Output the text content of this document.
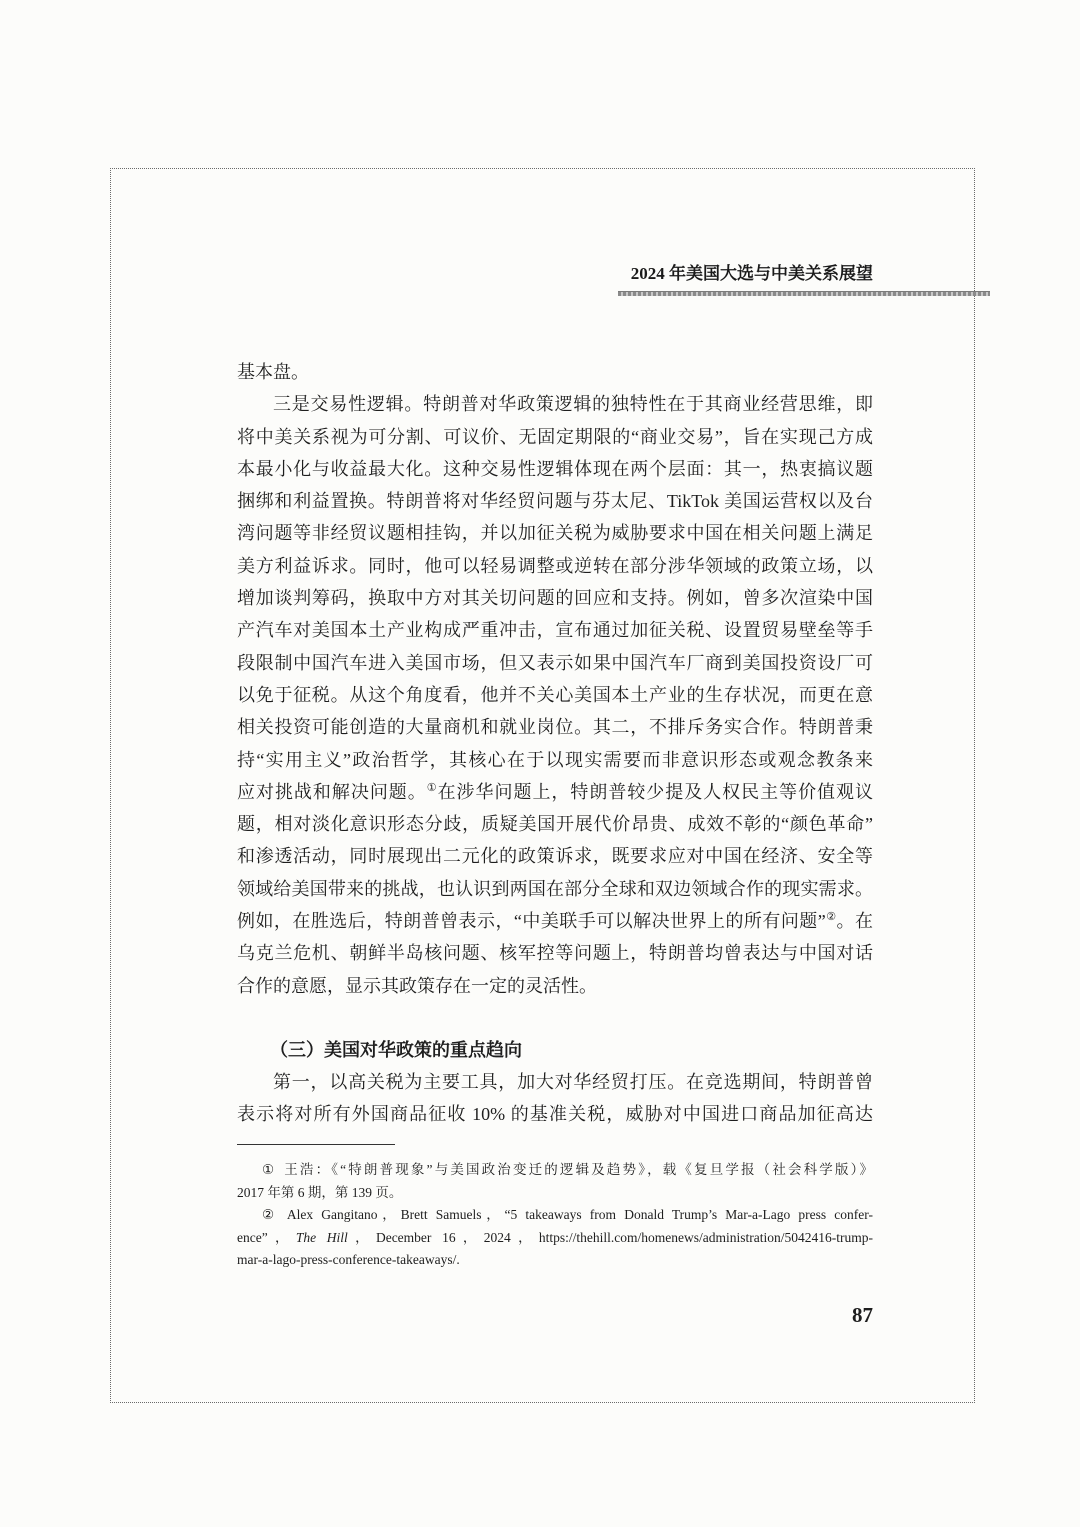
2024 年美国大选与中美关系展望
基本盘。
三是交易性逻辑。特朗普对华政策逻辑的独特性在于其商业经营思维，即
将中美关系视为可分割、可议价、无固定期限的“商业交易”，旨在实现己方成
本最小化与收益最大化。这种交易性逻辑体现在两个层面：其一，热衷搞议题
捆绑和利益置换。特朗普将对华经贸问题与芬太尼、TikTok 美国运营权以及台
湾问题等非经贸议题相挂钩，并以加征关税为威胁要求中国在相关问题上满足
美方利益诉求。同时，他可以轻易调整或逆转在部分涉华领域的政策立场，以
增加谈判筹码，换取中方对其关切问题的回应和支持。例如，曾多次渲染中国
产汽车对美国本土产业构成严重冲击，宣布通过加征关税、设置贸易壁垒等手
段限制中国汽车进入美国市场，但又表示如果中国汽车厂商到美国投资设厂可
以免于征税。从这个角度看，他并不关心美国本土产业的生存状况，而更在意
相关投资可能创造的大量商机和就业岗位。其二，不排斥务实合作。特朗普秉
持“实用主义”政治哲学，其核心在于以现实需要而非意识形态或观念教条来
应对挑战和解决问题。①在涉华问题上，特朗普较少提及人权民主等价值观议
题，相对淡化意识形态分歧，质疑美国开展代价昂贵、成效不彰的“颜色革命”
和渗透活动，同时展现出二元化的政策诉求，既要求应对中国在经济、安全等
领域给美国带来的挑战，也认识到两国在部分全球和双边领域合作的现实需求。
例如，在胜选后，特朗普曾表示，“中美联手可以解决世界上的所有问题”②。在
乌克兰危机、朝鲜半岛核问题、核军控等问题上，特朗普均曾表达与中国对话
合作的意愿，显示其政策存在一定的灵活性。
（三）美国对华政策的重点趋向
第一，以高关税为主要工具，加大对华经贸打压。在竞选期间，特朗普曾
表示将对所有外国商品征收 10% 的基准关税，威胁对中国进口商品加征高达
① 王浩：《“特朗普现象”与美国政治变迁的逻辑及趋势》，载《复旦学报（社会科学版）》
2017 年第 6 期，第 139 页。
② Alex Gangitano，Brett Samuels，“5 takeaways from Donald Trump’s Mar-a-Lago press confer-
ence”，The Hill，December 16，2024，https://thehill.com/homenews/administration/5042416-trump-
mar-a-lago-press-conference-takeaways/.
87
